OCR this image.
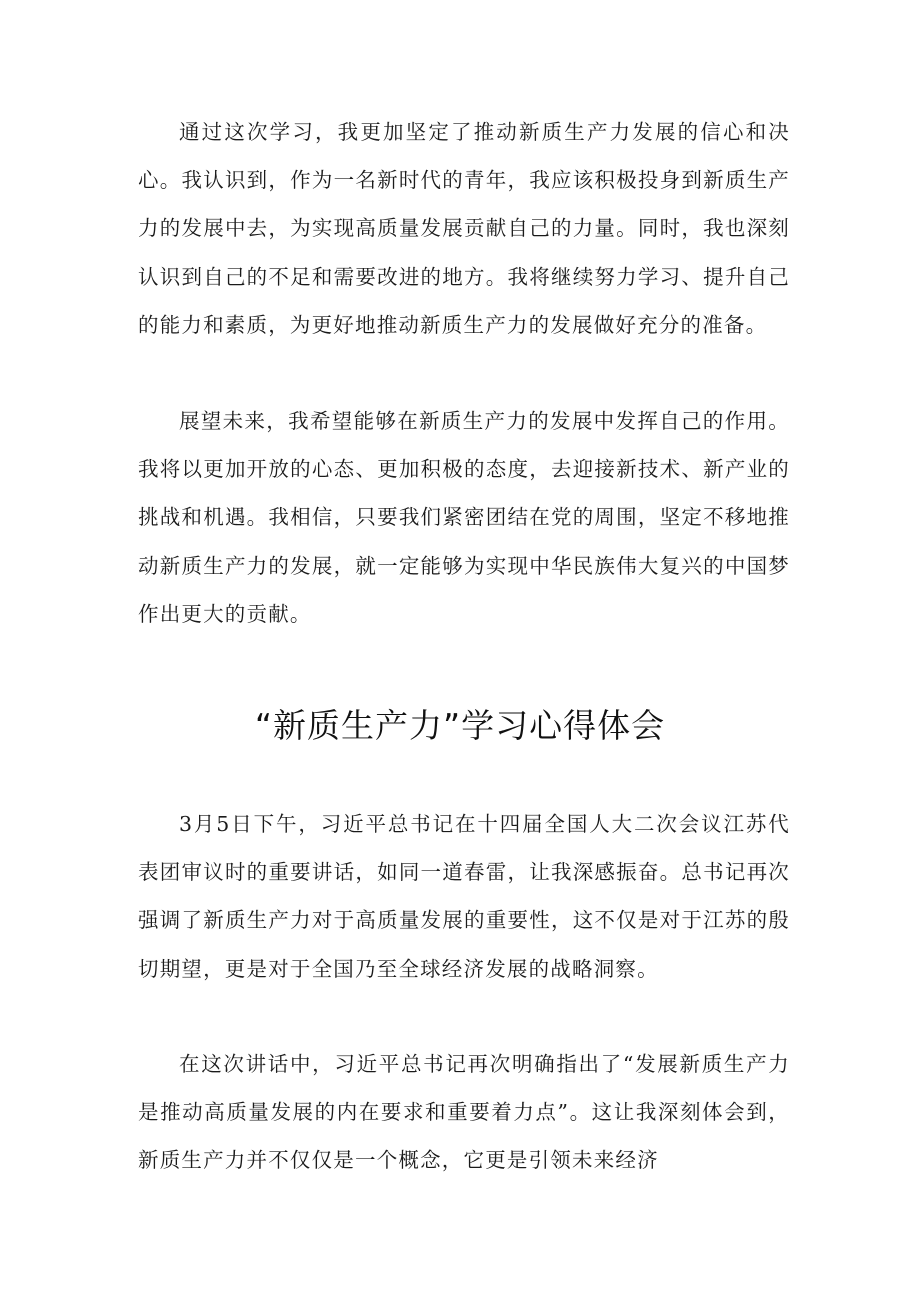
通过这次学习，我更加坚定了推动新质生产力发展的信心和决心。我认识到，作为一名新时代的青年，我应该积极投身到新质生产力的发展中去，为实现高质量发展贡献自己的力量。同时，我也深刻认识到自己的不足和需要改进的地方。我将继续努力学习、提升自己的能力和素质，为更好地推动新质生产力的发展做好充分的准备。

展望未来，我希望能够在新质生产力的发展中发挥自己的作用。我将以更加开放的心态、更加积极的态度，去迎接新技术、新产业的挑战和机遇。我相信，只要我们紧密团结在党的周围，坚定不移地推动新质生产力的发展，就一定能够为实现中华民族伟大复兴的中国梦作出更大的贡献。

“新质生产力”学习心得体会

3月5日下午，习近平总书记在十四届全国人大二次会议江苏代表团审议时的重要讲话，如同一道春雷，让我深感振奋。总书记再次强调了新质生产力对于高质量发展的重要性，这不仅是对于江苏的殷切期望，更是对于全国乃至全球经济发展的战略洞察。

在这次讲话中，习近平总书记再次明确指出了“发展新质生产力是推动高质量发展的内在要求和重要着力点”。这让我深刻体会到，新质生产力并不仅仅是一个概念，它更是引领未来经济
